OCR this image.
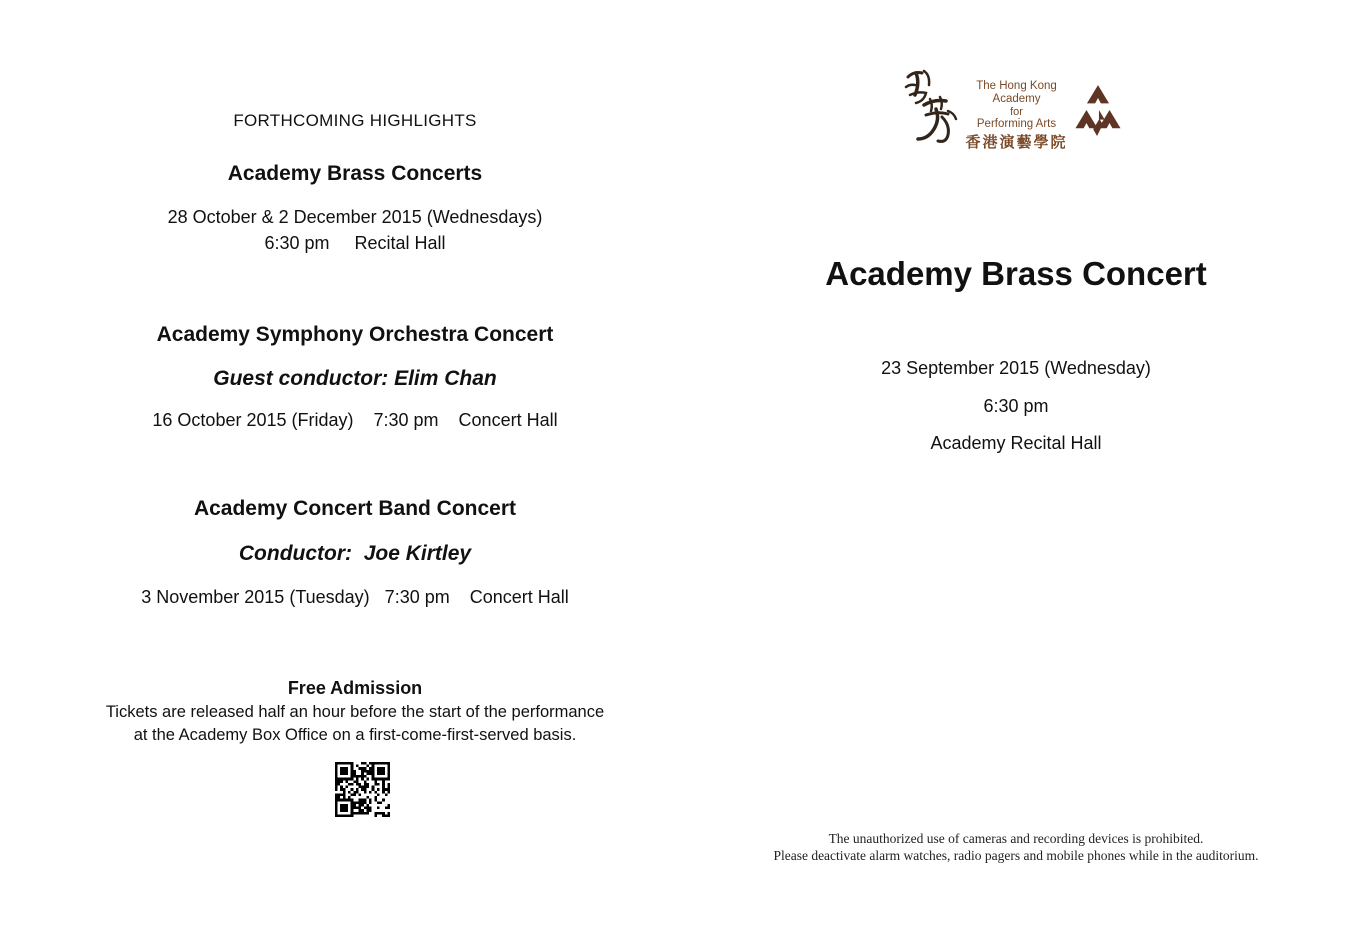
FORTHCOMING HIGHLIGHTS
Academy Brass Concerts
28 October & 2 December 2015 (Wednesdays)
6:30 pm     Recital Hall
Academy Symphony Orchestra Concert
Guest conductor: Elim Chan
16 October 2015 (Friday)    7:30 pm    Concert Hall
Academy Concert Band Concert
Conductor:  Joe Kirtley
3 November 2015 (Tuesday)   7:30 pm    Concert Hall
Free Admission
Tickets are released half an hour before the start of the performance
at the Academy Box Office on a first-come-first-served basis.
The Hong Kong Academy
for
Performing Arts
香港演藝學院
Academy Brass Concert
23 September 2015 (Wednesday)
6:30 pm
Academy Recital Hall
The unauthorized use of cameras and recording devices is prohibited.
Please deactivate alarm watches, radio pagers and mobile phones while in the auditorium.
